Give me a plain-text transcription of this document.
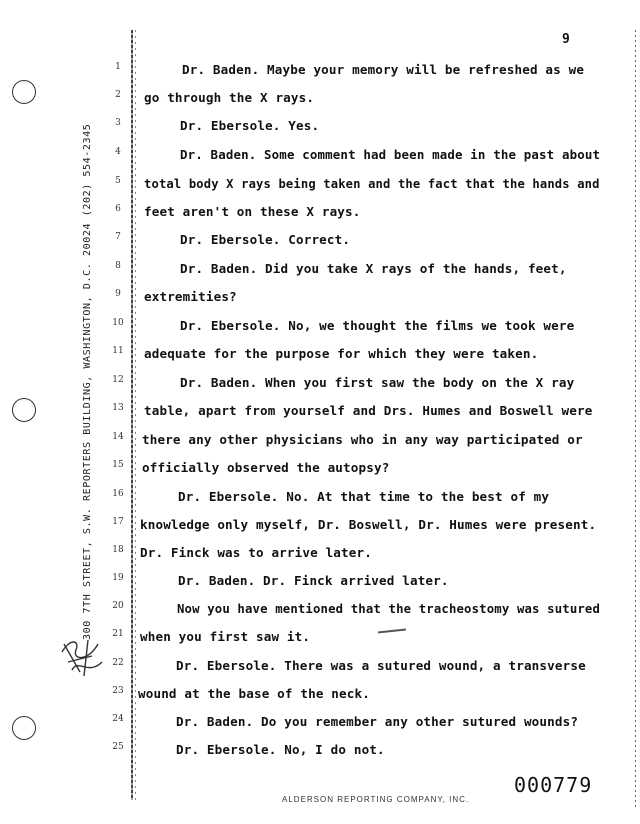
300 7TH STREET, S.W. REPORTERS BUILDING, WASHINGTON, D.C. 20024 (202) 554-2345
9
1	Dr. Baden. Maybe your memory will be refreshed as we
2	go through the X rays.
3	Dr. Ebersole. Yes.
4	Dr. Baden. Some comment had been made in the past about
5	total body X rays being taken and the fact that the hands and
6	feet aren't on these X rays.
7	Dr. Ebersole. Correct.
8	Dr. Baden. Did you take X rays of the hands, feet,
9	extremities?
10	Dr. Ebersole. No, we thought the films we took were
11	adequate for the purpose for which they were taken.
12	Dr. Baden. When you first saw the body on the X ray
13	table, apart from yourself and Drs. Humes and Boswell were
14	there any other physicians who in any way participated or
15	officially observed the autopsy?
16	Dr. Ebersole. No. At that time to the best of my
17	knowledge only myself, Dr. Boswell, Dr. Humes were present.
18	Dr. Finck was to arrive later.
19	Dr. Baden. Dr. Finck arrived later.
20	Now you have mentioned that the tracheostomy was sutured
21	when you first saw it.
22	Dr. Ebersole. There was a sutured wound, a transverse
23	wound at the base of the neck.
24	Dr. Baden. Do you remember any other sutured wounds?
25	Dr. Ebersole. No, I do not.
000779
ALDERSON REPORTING COMPANY, INC.
